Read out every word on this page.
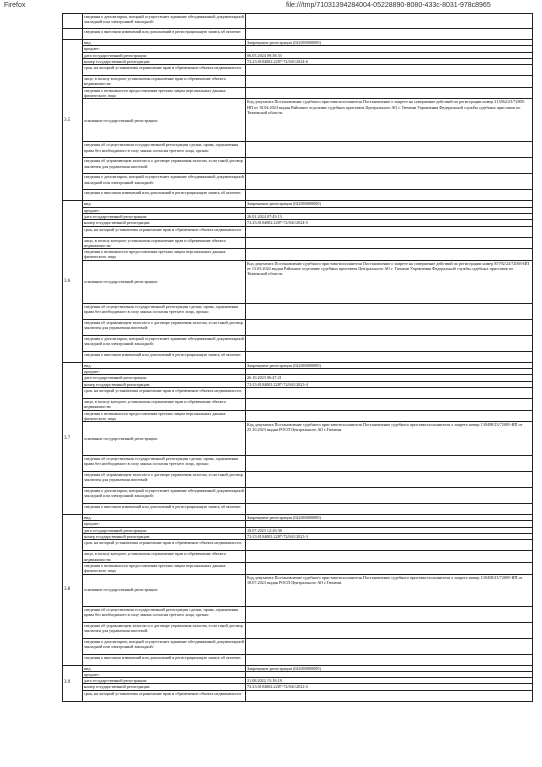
Firefox	file:///tmp/71031394284004-05228890-8080-433c-8031-978c8965
	сведения о депозитарии, который осуществляет хранение обездвиженной документарной закладной или электронной закладной:	
	сведения о внесении изменений или дополнений в регистрационную запись об ипотеке:	
3.5	вид:	Запрещение регистрации (022003000000)
	предмет:	
	дата государственной регистрации:	06.05.2024 09:38:33
	номер государственной регистрации:	72:23:0104002:2287-72/041/2024-6
	срок, на который установлены ограничение прав и обременение объекта недвижимости:	
	лицо, в пользу которого установлены ограничение прав и обременение объекта недвижимости:	
	сведения о возможности предоставления третьим лицам персональных данных физического лица	
	основание государственной регистрации:	Код документа Постановление судебного пристава-исполнителя Постановление о запрете на совершение действий по регистрации номер 213562/23/72005-ИП от 18.04.2024 выдан Районное отделение судебных приставов Центрального АО г. Тюмени Управления Федеральной службы судебных приставов по Тюменской области.
	сведения об осуществлении государственной регистрации сделки, права, ограничения права без необходимого в силу закона согласия третьего лица, органа:	
	сведения об управляющем залогом и о договоре управления залогом, если такой договор заключен для управления ипотекой:	
	сведения о депозитарии, который осуществляет хранение обездвиженной документарной закладной или электронной закладной:	
	сведения о внесении изменений или дополнений в регистрационную запись об ипотеке:	
3.6	вид:	Запрещение регистрации (022003000000)
	предмет:	
	дата государственной регистрации:	26.01.2024 07:45:13
	номер государственной регистрации:	72:23:0104002:2287-72/041/2024-5
	срок, на который установлены ограничение прав и обременение объекта недвижимости:	
	лицо, в пользу которого установлены ограничение прав и обременение объекта недвижимости:	
	сведения о возможности предоставления третьим лицам персональных данных физического лица	
	основание государственной регистрации:	Код документа Постановление судебного пристава-исполнителя Постановление о запрете на совершение действий по регистрации номер 85792/24/72005-ИП от 13.03.2024 выдан Районное отделение судебных приставов Центрального АО г. Тюмени Управления Федеральной службы судебных приставов по Тюменской области.
	сведения об осуществлении государственной регистрации сделки, права, ограничения права без необходимого в силу закона согласия третьего лица, органа:	
	сведения об управляющем залогом и о договоре управления залогом, если такой договор заключен для управления ипотекой:	
	сведения о депозитарии, который осуществляет хранение обездвиженной документарной закладной или электронной закладной:	
	сведения о внесении изменений или дополнений в регистрационную запись об ипотеке:	
3.7	вид:	Запрещение регистрации (022003000000)
	предмет:	
	дата государственной регистрации:	26.10.2023 06:47:21
	номер государственной регистрации:	72:23:0104002:2287-72/041/2023-4
	срок, на который установлены ограничение прав и обременение объекта недвижимости:	
	лицо, в пользу которого установлены ограничение прав и обременение объекта недвижимости:	
	сведения о возможности предоставления третьим лицам персональных данных физического лица	
	основание государственной регистрации:	Код документа Постановление судебного пристава-исполнителя Постановление судебного пристава-исполнителя о запрете номер 130498/23/72005-ИП от 25.10.2023 выдан РОСП Центрального АО г.Тюмени.
	сведения об осуществлении государственной регистрации сделки, права, ограничения права без необходимого в силу закона согласия третьего лица, органа:	
	сведения об управляющем залогом и о договоре управления залогом, если такой договор заключен для управления ипотекой:	
	сведения о депозитарии, который осуществляет хранение обездвиженной документарной закладной или электронной закладной:	
	сведения о внесении изменений или дополнений в регистрационную запись об ипотеке:	
3.8	вид:	Запрещение регистрации (022003000000)
	предмет:	
	дата государственной регистрации:	18.07.2023 12:29:38
	номер государственной регистрации:	72:23:0104002:2287-72/041/2023-3
	срок, на который установлены ограничение прав и обременение объекта недвижимости:	
	лицо, в пользу которого установлены ограничение прав и обременение объекта недвижимости:	
	сведения о возможности предоставления третьим лицам персональных данных физического лица	
	основание государственной регистрации:	Код документа Постановление судебного пристава-исполнителя Постановление судебного пристава-исполнителя о запрете номер 130458/23/72005-ИП от 18.07.2023 выдан РОСП Центрального АО г.Тюмени.
	сведения об осуществлении государственной регистрации сделки, права, ограничения права без необходимого в силу закона согласия третьего лица, органа:	
	сведения об управляющем залогом и о договоре управления залогом, если такой договор заключен для управления ипотекой:	
	сведения о депозитарии, который осуществляет хранение обездвиженной документарной закладной или электронной закладной:	
	сведения о внесении изменений или дополнений в регистрационную запись об ипотеке:	
3.9	вид:	Запрещение регистрации (022003000000)
	предмет:	
	дата государственной регистрации:	31.08.2022 15:18:18
	номер государственной регистрации:	72:23:0104002:2287-72/041/2022-2
	срок, на который установлены ограничение прав и обременение объекта недвижимости:	
